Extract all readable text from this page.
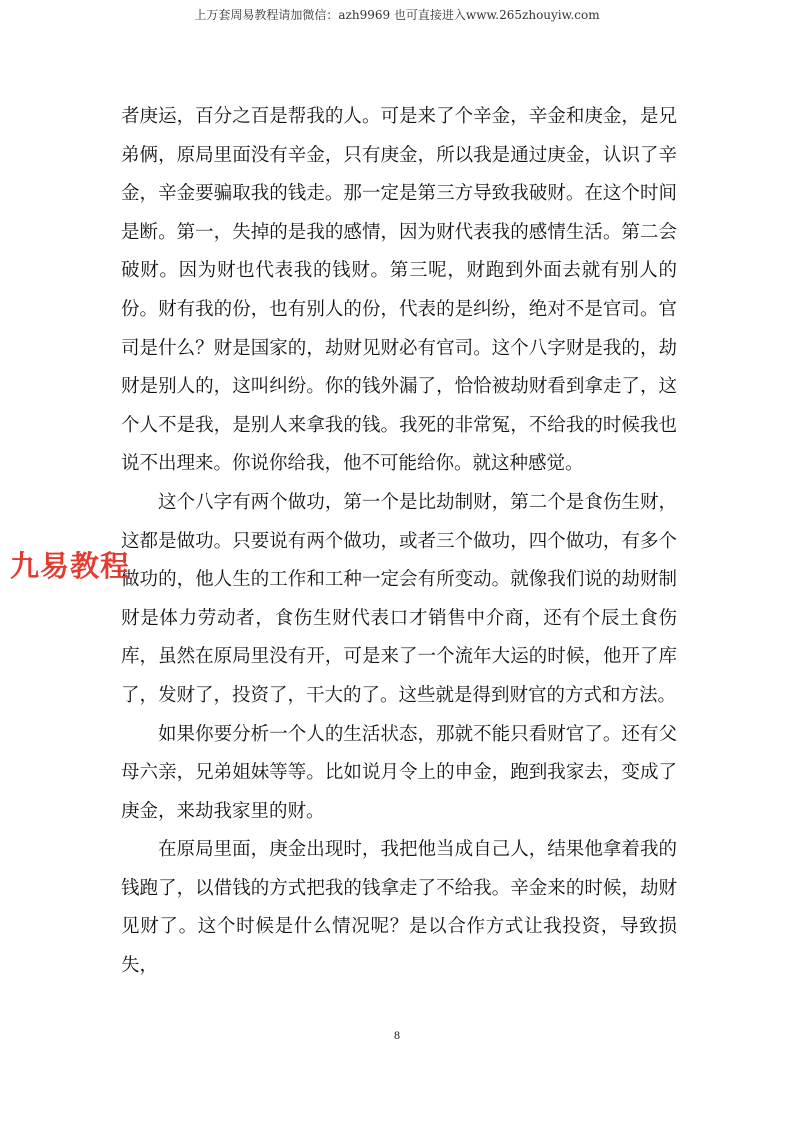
上万套周易教程请加微信：azh9969 也可直接进入www.265zhouyiw.com

者庚运，百分之百是帮我的人。可是来了个辛金，辛金和庚金，是兄弟俩，原局里面没有辛金，只有庚金，所以我是通过庚金，认识了辛金，辛金要骗取我的钱走。那一定是第三方导致我破财。在这个时间是断。第一，失掉的是我的感情，因为财代表我的感情生活。第二会破财。因为财也代表我的钱财。第三呢，财跑到外面去就有别人的份。财有我的份，也有别人的份，代表的是纠纷，绝对不是官司。官司是什么？财是国家的，劫财见财必有官司。这个八字财是我的，劫财是别人的，这叫纠纷。你的钱外漏了，恰恰被劫财看到拿走了，这个人不是我，是别人来拿我的钱。我死的非常冤，不给我的时候我也说不出理来。你说你给我，他不可能给你。就这种感觉。

这个八字有两个做功，第一个是比劫制财，第二个是食伤生财，这都是做功。只要说有两个做功，或者三个做功，四个做功，有多个做功的，他人生的工作和工种一定会有所变动。就像我们说的劫财制财是体力劳动者，食伤生财代表口才销售中介商，还有个辰土食伤库，虽然在原局里没有开，可是来了一个流年大运的时候，他开了库了，发财了，投资了，干大的了。这些就是得到财官的方式和方法。

如果你要分析一个人的生活状态，那就不能只看财官了。还有父母六亲，兄弟姐妹等等。比如说月令上的申金，跑到我家去，变成了庚金，来劫我家里的财。

在原局里面，庚金出现时，我把他当成自己人，结果他拿着我的钱跑了，以借钱的方式把我的钱拿走了不给我。辛金来的时候，劫财见财了。这个时候是什么情况呢？是以合作方式让我投资，导致损失，

九易教程
8
